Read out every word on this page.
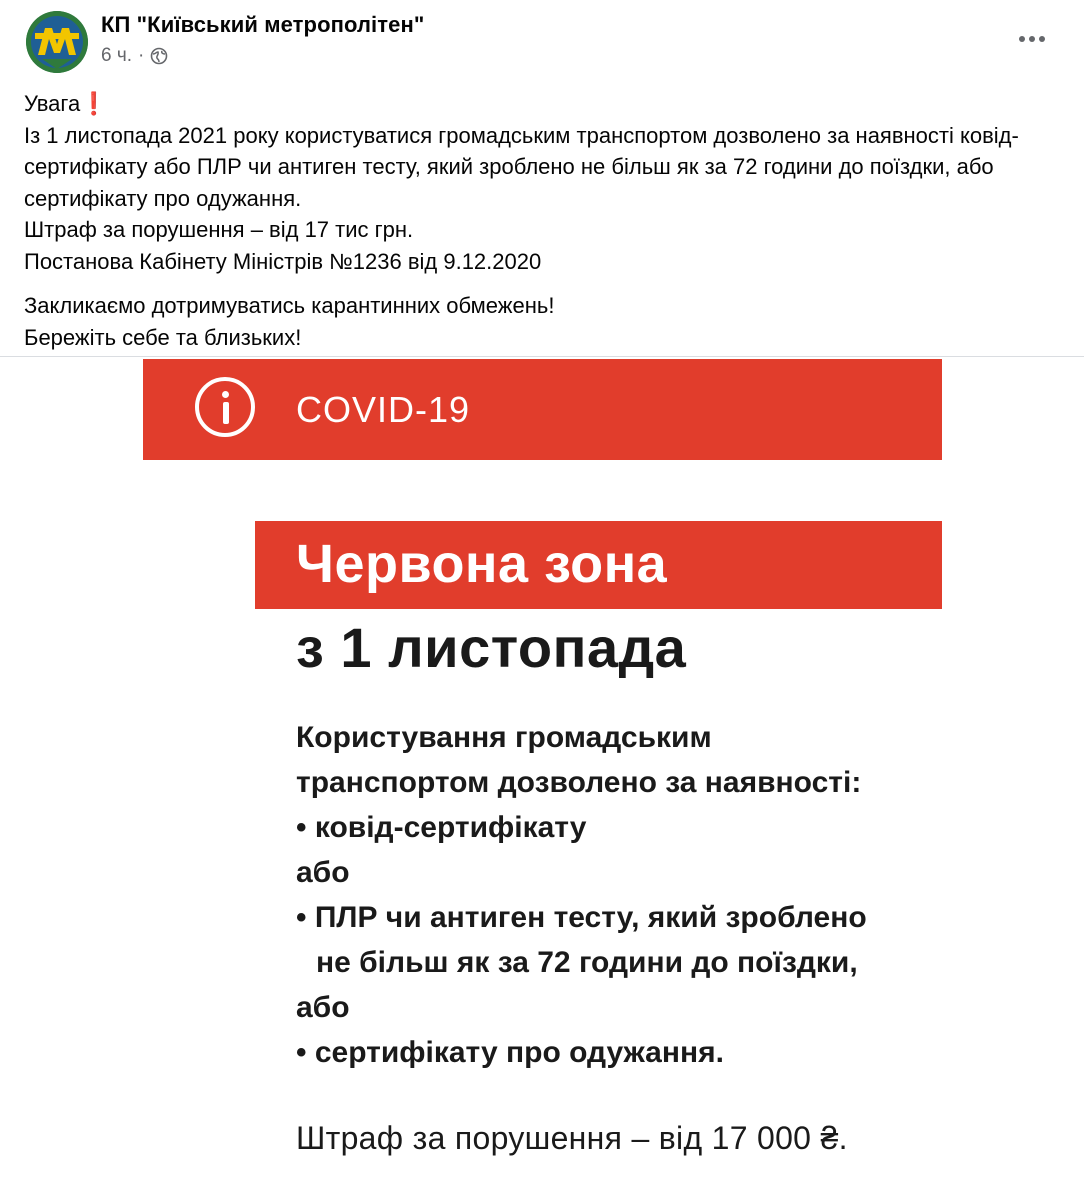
КП "Київський метрополітен"
6 ч. ·

Увага❗

Із 1 листопада 2021 року користуватися громадським транспортом дозволено за наявності ковід-сертифікату або ПЛР чи антиген тесту, який зроблено не більш як за 72 години до поїздки, або сертифікату про одужання.

Штраф за порушення – від 17 тис грн.

Постанова Кабінету Міністрів №1236 від 9.12.2020

Закликаємо дотримуватись карантинних обмежень!

Бережіть себе та близьких!

COVID-19
Червона зона
з 1 листопада

Користування громадським

транспортом дозволено за наявності:

• ковід-сертифікату

або

• ПЛР чи антиген тесту, який зроблено

не більш як за 72 години до поїздки,

або

• сертифікату про одужання.

Штраф за порушення – від 17 000 ₴.
